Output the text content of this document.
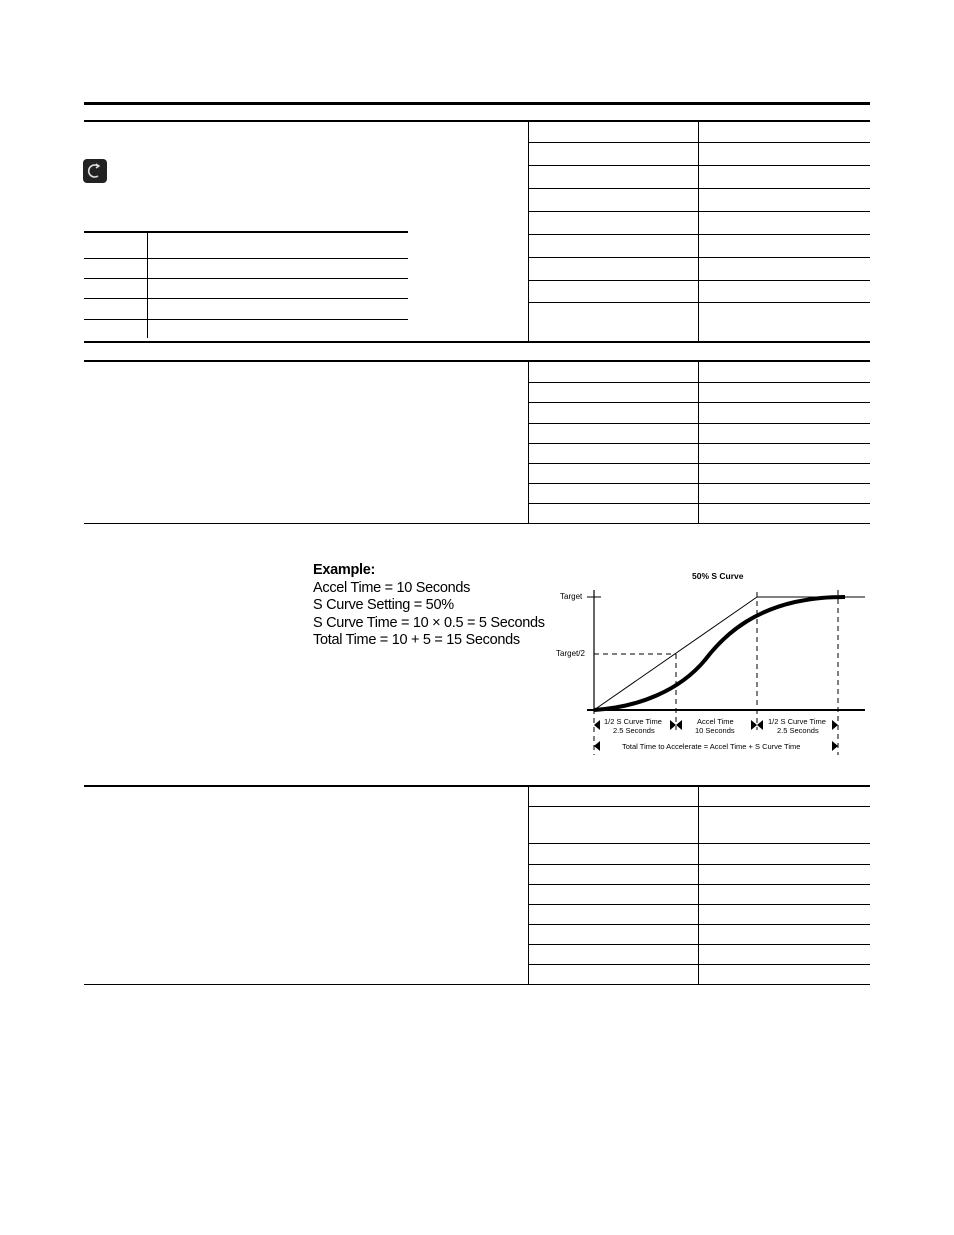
Example:
Accel Time = 10 Seconds
S Curve Setting = 50%
S Curve Time = 10 × 0.5 = 5 Seconds
Total Time = 10 + 5 = 15 Seconds
50% S Curve
Target
Target/2
1/2 S Curve Time
2.5 Seconds
Accel Time
10 Seconds
1/2 S Curve Time
2.5 Seconds
Total Time to Accelerate = Accel Time + S Curve Time
